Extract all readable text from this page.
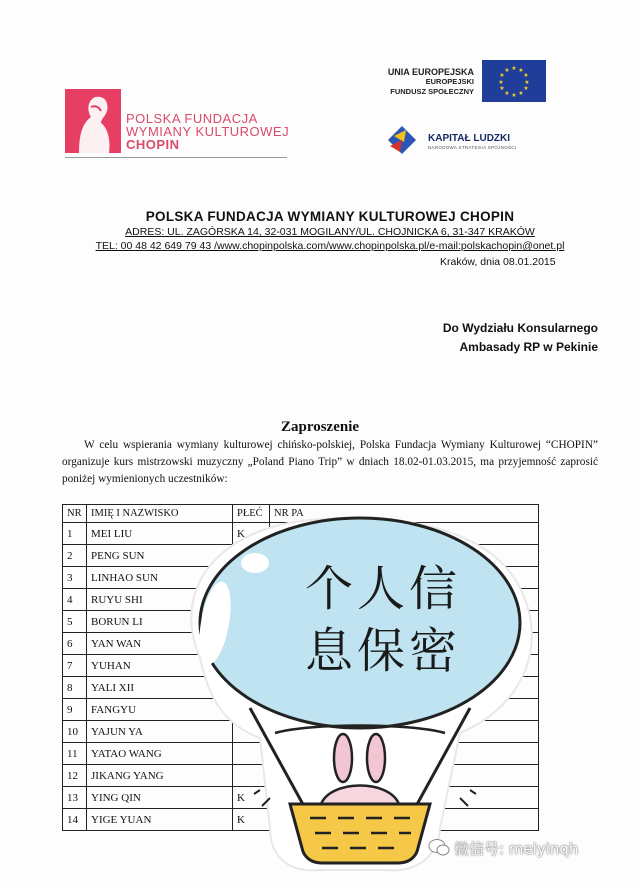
POLSKA FUNDACJA
WYMIANY KULTUROWEJ
CHOPIN
UNIA EUROPEJSKA
EUROPEJSKI
FUNDUSZ SPOŁECZNY
★ ★
★
★
★
★
★
★
★
★
★
★
KAPITAŁ LUDZKI
NARODOWA STRATEGIA SPÓJNOŚCI
POLSKA FUNDACJA WYMIANY KULTUROWEJ CHOPIN
ADRES: UL. ZAGÓRSKA 14, 32-031 MOGILANY/UL. CHOJNICKA 6, 31-347 KRAKÓW
TEL: 00 48 42 649 79 43 /www.chopinpolska.com/www.chopinpolska.pl/e-mail:polskachopin@onet.pl
Kraków, dnia 08.01.2015
Do Wydziału Konsularnego
Ambasady RP w Pekinie
Zaproszenie
W celu wspierania wymiany kulturowej chińsko-polskiej, Polska Fundacja Wymiany Kulturowej “CHOPIN” organizuje kurs mistrzowski muzyczny „Poland Piano Trip” w dniach 18.02-01.03.2015, ma przyjemność zaprosić poniżej wymienionych uczestników:
NR	IMIĘ I NAZWISKO	PŁEĆ	NR PA
1	MEI LIU	K	
2	PENG SUN		
3	LINHAO SUN		
4	RUYU SHI		
5	BORUN LI		
6	YAN WAN		
7	YUHAN		
8	YALI XII		
9	FANGYU		
10	YAJUN YA		
11	YATAO WANG		
12	JIKANG YANG		
13	YING QIN	K	
14	YIGE YUAN	K	
个人信
息保密
微信号: meiyinqh
